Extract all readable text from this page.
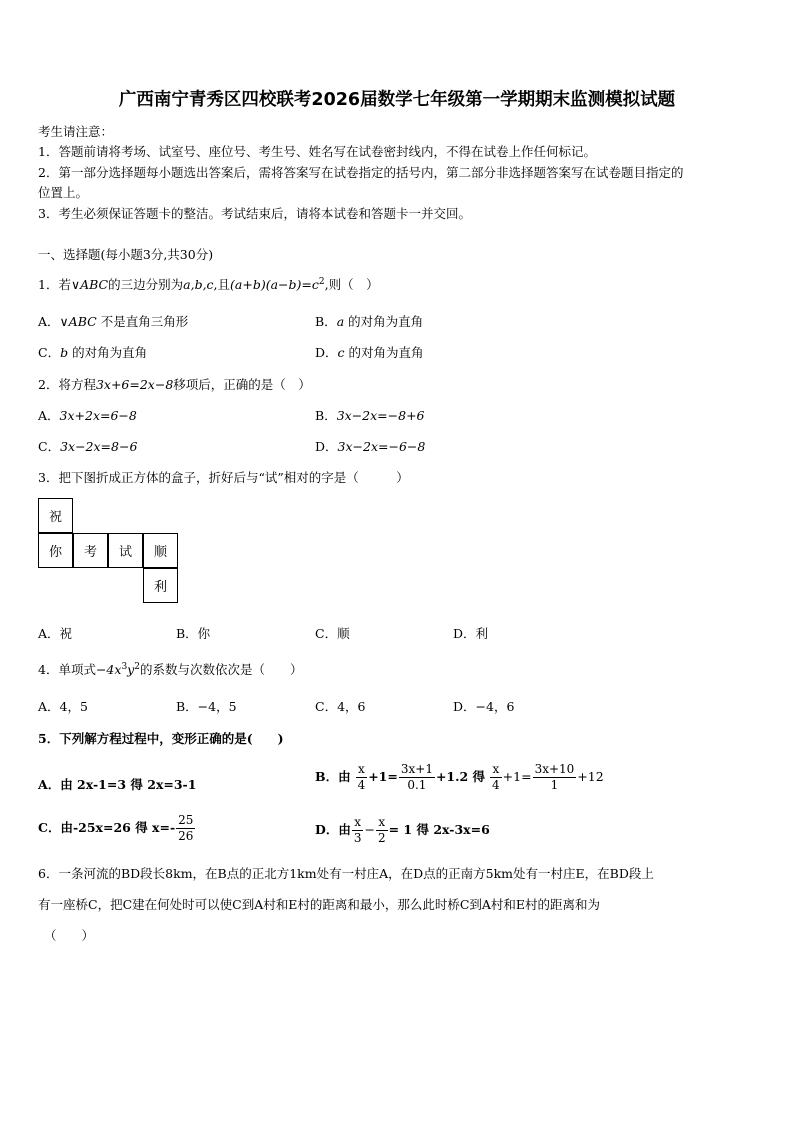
广西南宁青秀区四校联考2026届数学七年级第一学期期末监测模拟试题
考生请注意：
1．答题前请将考场、试室号、座位号、考生号、姓名写在试卷密封线内，不得在试卷上作任何标记。
2．第一部分选择题每小题选出答案后，需将答案写在试卷指定的括号内，第二部分非选择题答案写在试卷题目指定的
位置上。
3．考生必须保证答题卡的整洁。考试结束后，请将本试卷和答题卡一并交回。
一、选择题(每小题3分,共30分)
1．若∨ABC的三边分别为a,b,c,且$(a+b)(a-b)=c^2$,则（　）
A．∨ABC 不是直角三角形	B．a 的对角为直角
C．b 的对角为直角	D．c 的对角为直角
2．将方程3x+6=2x−8移项后，正确的是（　）
A．3x+2x=6−8	B．3x−2x=−8+6
C．3x−2x=8−6	D．3x−2x=−6−8
3．把下图折成正方体的盒子，折好后与“试”相对的字是（　　　）
祝
你	考	试	顺
利
A．祝	B．你	C．顺	D．利
4．单项式$-4x^3y^2$的系数与次数依次是（　　）
A．4，5	B．−4，5	C．4，6	D．−4，6
5．下列解方程过程中，变形正确的是(　　)
A．由 2x-1=3 得 2x=3-1
B．由 $\frac{x}{4} +1= \frac{3x+1}{0.1} +1.2$ 得 $\frac{x}{4} +1= \frac{3x+10}{1} +12$
C．由-25x=26 得 $x=- \frac{25}{26}$	D．由 $\frac{x}{3} - \frac{x}{2} = 1$ 得 2x-3x=6
6．一条河流的BD段长8km，在B点的正北方1km处有一村庄A，在D点的正南方5km处有一村庄E，在BD段上
有一座桥C，把C建在何处时可以使C到A村和E村的距离和最小，那么此时桥C到A村和E村的距离和为
（　　）
